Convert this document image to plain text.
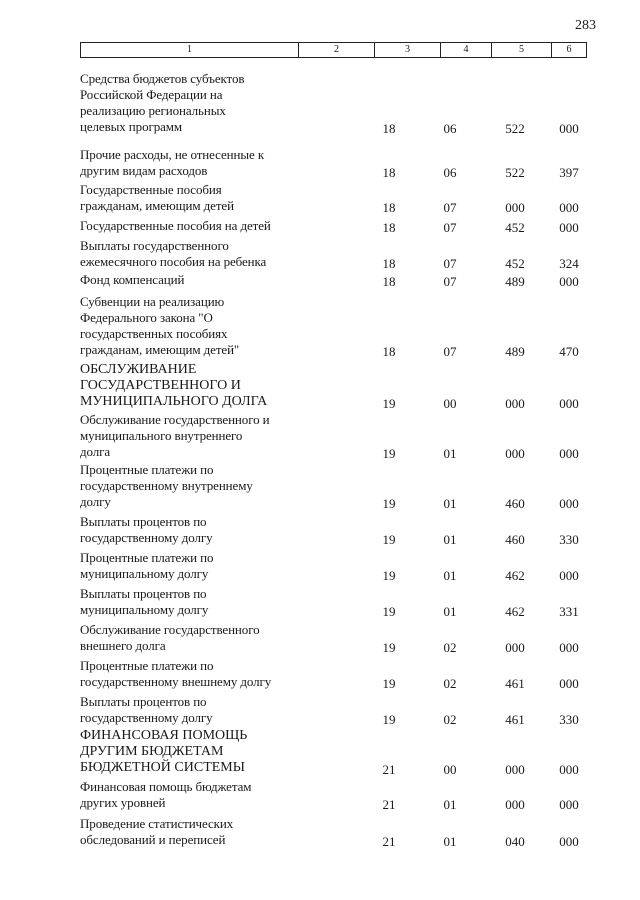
283
1	2	3	4	5	6
Средства бюджетов субъектов
Российской Федерации на
реализацию региональных
целевых программ	18	06	522	000
Прочие расходы, не отнесенные к
другим видам расходов	18	06	522	397
Государственные пособия
гражданам, имеющим детей	18	07	000	000
Государственные пособия на детей	18	07	452	000
Выплаты государственного
ежемесячного пособия на ребенка	18	07	452	324
Фонд компенсаций	18	07	489	000
Субвенции на реализацию
Федерального закона "О
государственных пособиях
гражданам, имеющим детей"	18	07	489	470
ОБСЛУЖИВАНИЕ
ГОСУДАРСТВЕННОГО И
МУНИЦИПАЛЬНОГО ДОЛГА	19	00	000	000
Обслуживание государственного и
муниципального внутреннего
долга	19	01	000	000
Процентные платежи по
государственному внутреннему
долгу	19	01	460	000
Выплаты процентов по
государственному долгу	19	01	460	330
Процентные платежи по
муниципальному долгу	19	01	462	000
Выплаты процентов по
муниципальному долгу	19	01	462	331
Обслуживание государственного
внешнего долга	19	02	000	000
Процентные платежи по
государственному внешнему долгу	19	02	461	000
Выплаты процентов по
государственному долгу	19	02	461	330
ФИНАНСОВАЯ ПОМОЩЬ
ДРУГИМ БЮДЖЕТАМ
БЮДЖЕТНОЙ СИСТЕМЫ	21	00	000	000
Финансовая помощь бюджетам
других уровней	21	01	000	000
Проведение статистических
обследований и переписей	21	01	040	000
